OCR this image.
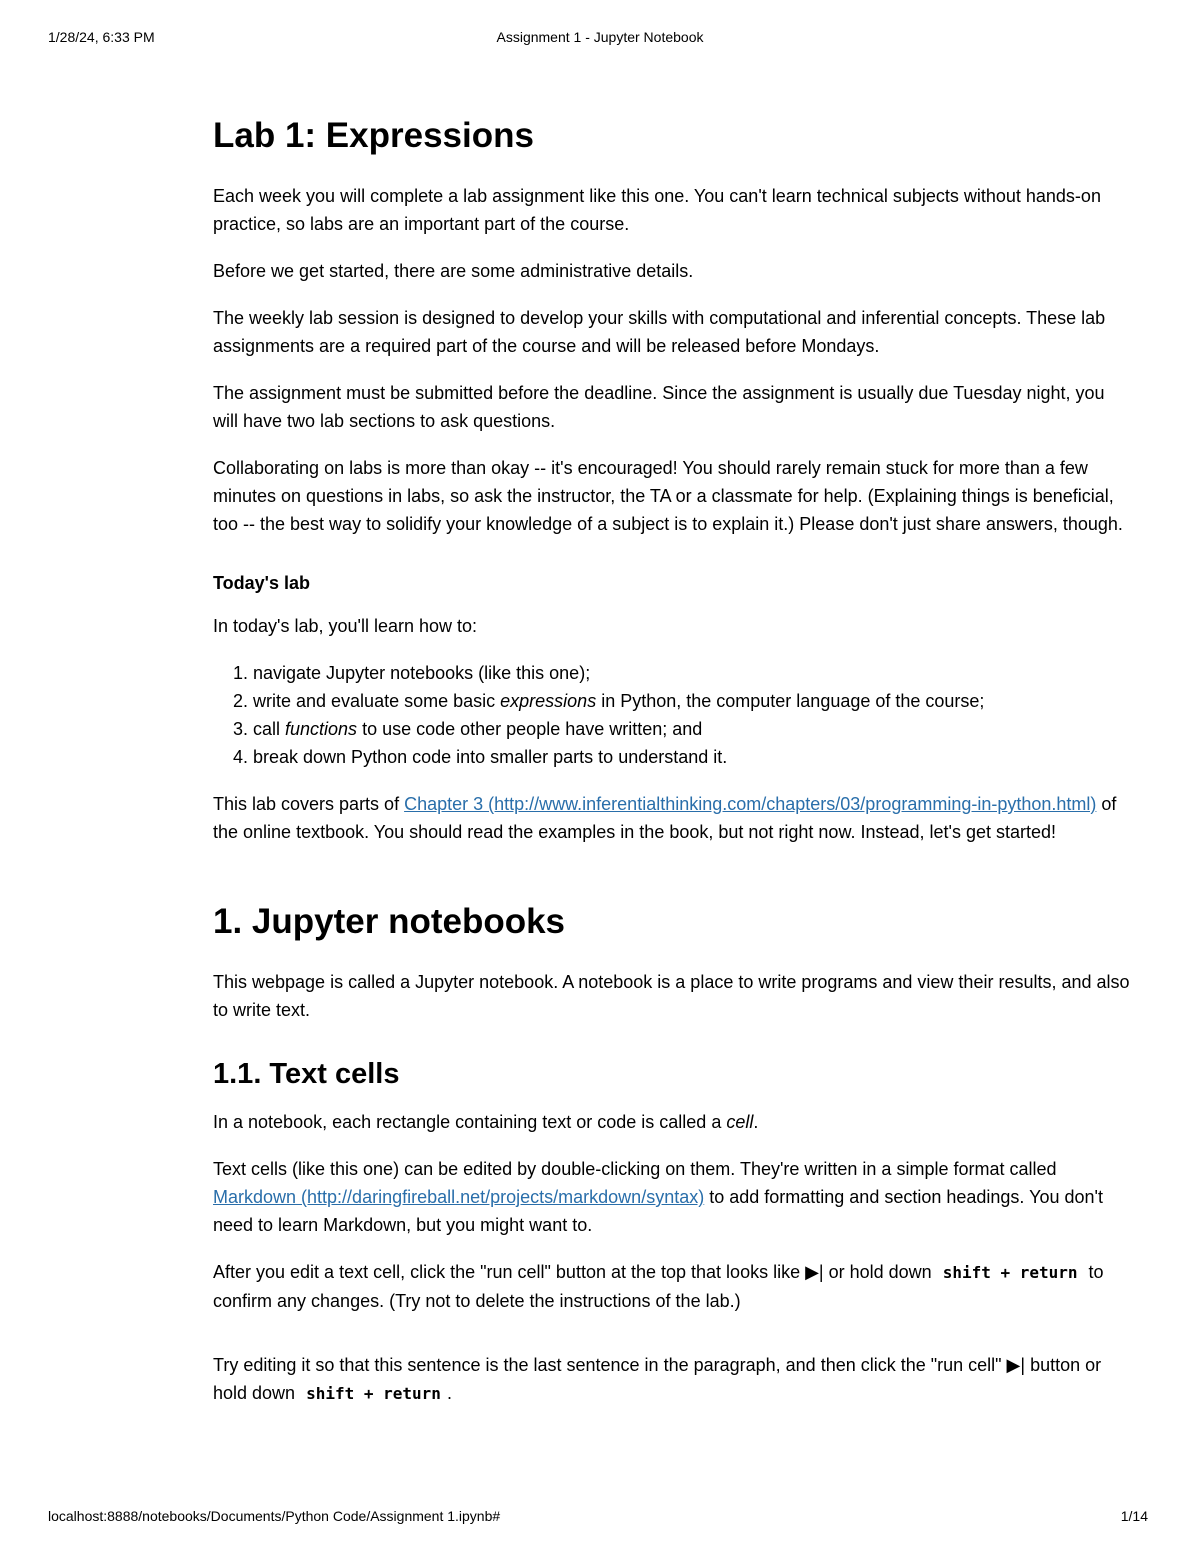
1/28/24, 6:33 PM	Assignment 1 - Jupyter Notebook
Lab 1: Expressions

Each week you will complete a lab assignment like this one. You can't learn technical subjects without hands-on practice, so labs are an important part of the course.

Before we get started, there are some administrative details.

The weekly lab session is designed to develop your skills with computational and inferential concepts. These lab assignments are a required part of the course and will be released before Mondays.

The assignment must be submitted before the deadline. Since the assignment is usually due Tuesday night, you will have two lab sections to ask questions.

Collaborating on labs is more than okay -- it's encouraged! You should rarely remain stuck for more than a few minutes on questions in labs, so ask the instructor, the TA or a classmate for help. (Explaining things is beneficial, too -- the best way to solidify your knowledge of a subject is to explain it.) Please don't just share answers, though.

Today's lab

In today's lab, you'll learn how to:

1. navigate Jupyter notebooks (like this one);
2. write and evaluate some basic expressions in Python, the computer language of the course;
3. call functions to use code other people have written; and
4. break down Python code into smaller parts to understand it.

This lab covers parts of Chapter 3 (http://www.inferentialthinking.com/chapters/03/programming-in-python.html) of the online textbook. You should read the examples in the book, but not right now. Instead, let's get started!

1. Jupyter notebooks

This webpage is called a Jupyter notebook. A notebook is a place to write programs and view their results, and also to write text.

1.1. Text cells

In a notebook, each rectangle containing text or code is called a cell.

Text cells (like this one) can be edited by double-clicking on them. They're written in a simple format called Markdown (http://daringfireball.net/projects/markdown/syntax) to add formatting and section headings. You don't need to learn Markdown, but you might want to.

After you edit a text cell, click the "run cell" button at the top that looks like ▶| or hold down shift + return to confirm any changes. (Try not to delete the instructions of the lab.)

Try editing it so that this sentence is the last sentence in the paragraph, and then click the "run cell" ▶| button or hold down shift + return .

localhost:8888/notebooks/Documents/Python Code/Assignment 1.ipynb#	1/14
